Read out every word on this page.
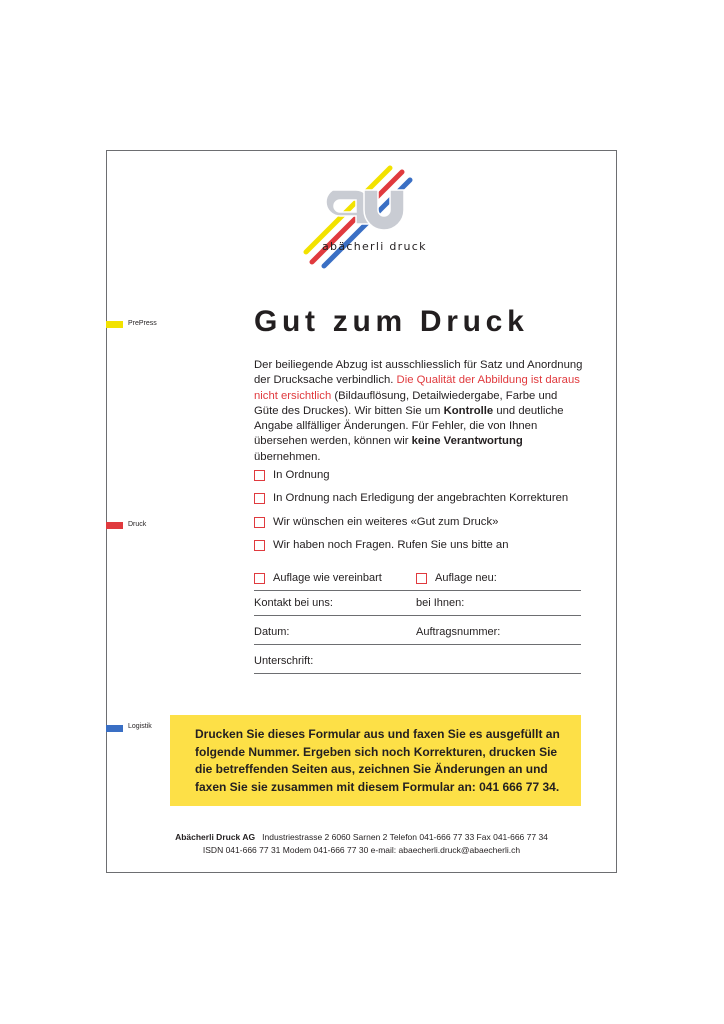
abächerli druck
PrePress
Druck
Logistik
Gut zum Druck
Der beiliegende Abzug ist ausschliesslich für Satz und Anordnung der Drucksache verbindlich. Die Qualität der Abbildung ist daraus nicht ersichtlich (Bildauflösung, Detailwiedergabe, Farbe und Güte des Druckes). Wir bitten Sie um Kontrolle und deutliche Angabe allfälliger Änderungen. Für Fehler, die von Ihnen übersehen werden, können wir keine Verantwortung übernehmen.
In Ordnung
In Ordnung nach Erledigung der angebrachten Korrekturen
Wir wünschen ein weiteres «Gut zum Druck»
Wir haben noch Fragen. Rufen Sie uns bitte an
Auflage wie vereinbart	Auflage neu:
Kontakt bei uns:	bei Ihnen:
Datum:	Auftragsnummer:
Unterschrift:
Drucken Sie dieses Formular aus und faxen Sie es ausgefüllt an folgende Nummer. Ergeben sich noch Korrekturen, drucken Sie die betreffenden Seiten aus, zeichnen Sie Änderungen an und faxen Sie sie zusammen mit diesem Formular an: 041 666 77 34.
Abächerli Druck AG Industriestrasse 2 6060 Sarnen 2 Telefon 041-666 77 33 Fax 041-666 77 34
ISDN 041-666 77 31 Modem 041-666 77 30 e-mail: abaecherli.druck@abaecherli.ch
